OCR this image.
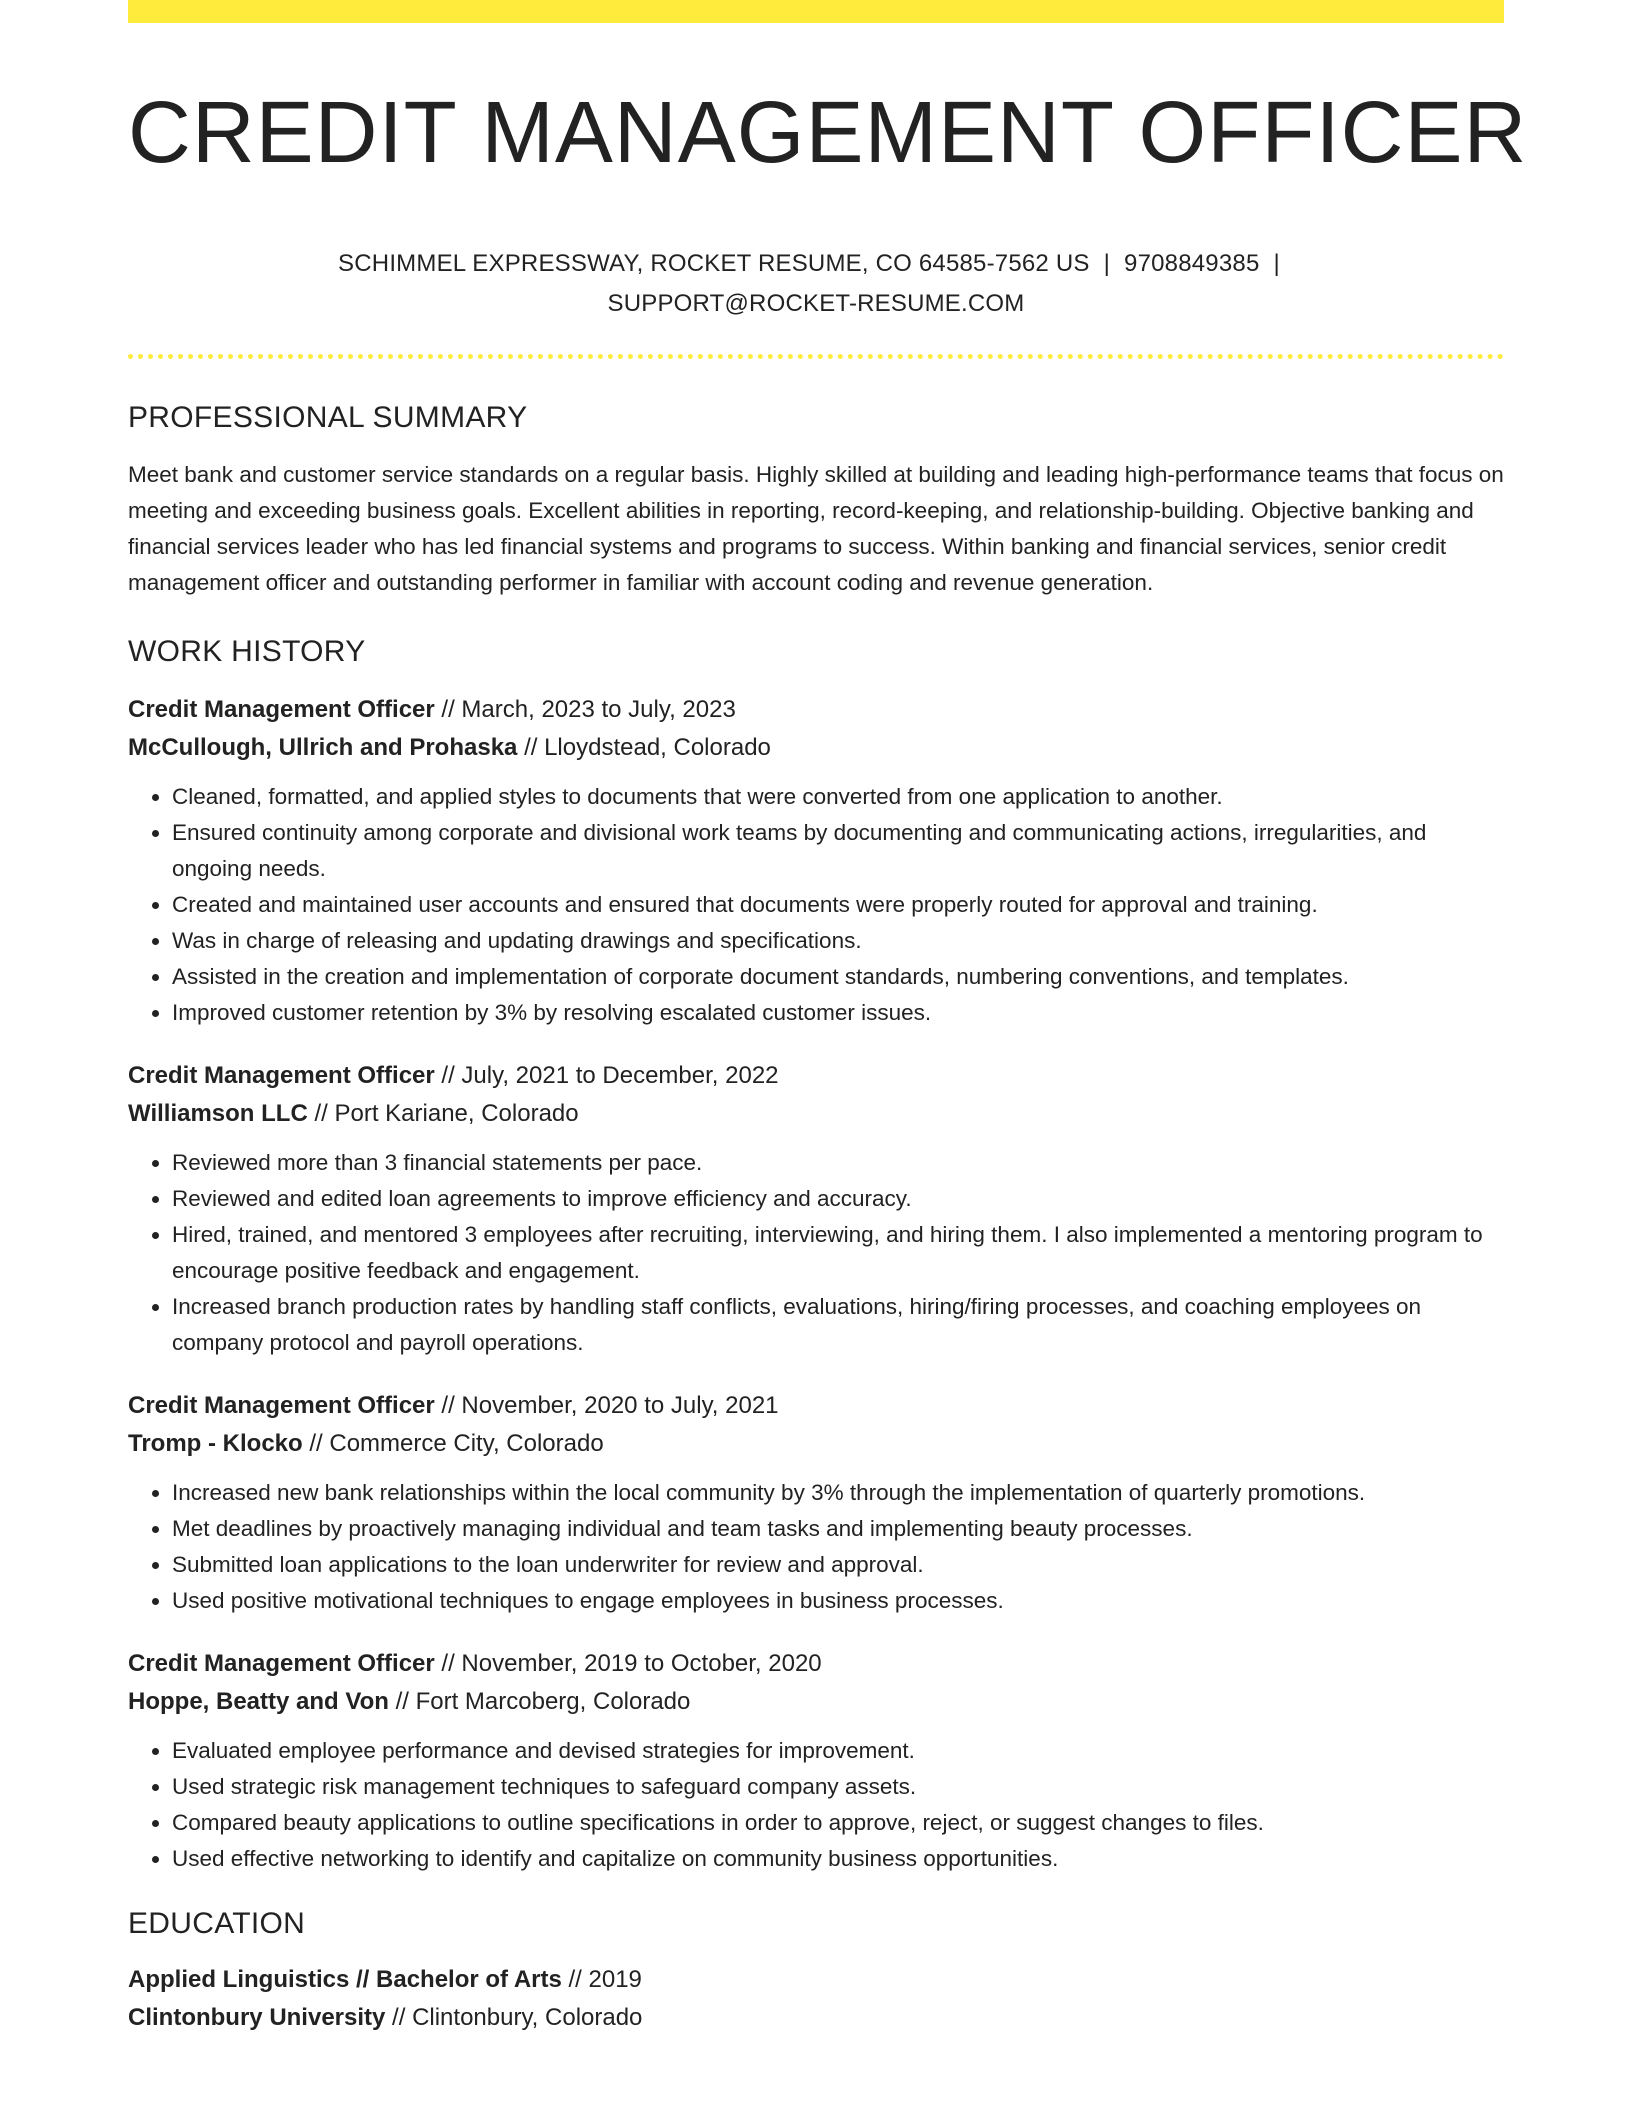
CREDIT MANAGEMENT OFFICER
SCHIMMEL EXPRESSWAY, ROCKET RESUME, CO 64585-7562 US | 9708849385 |
SUPPORT@ROCKET-RESUME.COM
PROFESSIONAL SUMMARY

Meet bank and customer service standards on a regular basis. Highly skilled at building and leading high-performance teams that focus on meeting and exceeding business goals. Excellent abilities in reporting, record-keeping, and relationship-building. Objective banking and financial services leader who has led financial systems and programs to success. Within banking and financial services, senior credit management officer and outstanding performer in familiar with account coding and revenue generation.

WORK HISTORY
Credit Management Officer // March, 2023 to July, 2023
McCullough, Ullrich and Prohaska // Lloydstead, Colorado
• Cleaned, formatted, and applied styles to documents that were converted from one application to another.
• Ensured continuity among corporate and divisional work teams by documenting and communicating actions, irregularities, and ongoing needs.
• Created and maintained user accounts and ensured that documents were properly routed for approval and training.
• Was in charge of releasing and updating drawings and specifications.
• Assisted in the creation and implementation of corporate document standards, numbering conventions, and templates.
• Improved customer retention by 3% by resolving escalated customer issues.
Credit Management Officer // July, 2021 to December, 2022
Williamson LLC // Port Kariane, Colorado
• Reviewed more than 3 financial statements per pace.
• Reviewed and edited loan agreements to improve efficiency and accuracy.
• Hired, trained, and mentored 3 employees after recruiting, interviewing, and hiring them. I also implemented a mentoring program to encourage positive feedback and engagement.
• Increased branch production rates by handling staff conflicts, evaluations, hiring/firing processes, and coaching employees on company protocol and payroll operations.
Credit Management Officer // November, 2020 to July, 2021
Tromp - Klocko // Commerce City, Colorado
• Increased new bank relationships within the local community by 3% through the implementation of quarterly promotions.
• Met deadlines by proactively managing individual and team tasks and implementing beauty processes.
• Submitted loan applications to the loan underwriter for review and approval.
• Used positive motivational techniques to engage employees in business processes.
Credit Management Officer // November, 2019 to October, 2020
Hoppe, Beatty and Von // Fort Marcoberg, Colorado
• Evaluated employee performance and devised strategies for improvement.
• Used strategic risk management techniques to safeguard company assets.
• Compared beauty applications to outline specifications in order to approve, reject, or suggest changes to files.
• Used effective networking to identify and capitalize on community business opportunities.
EDUCATION
Applied Linguistics // Bachelor of Arts // 2019
Clintonbury University // Clintonbury, Colorado
